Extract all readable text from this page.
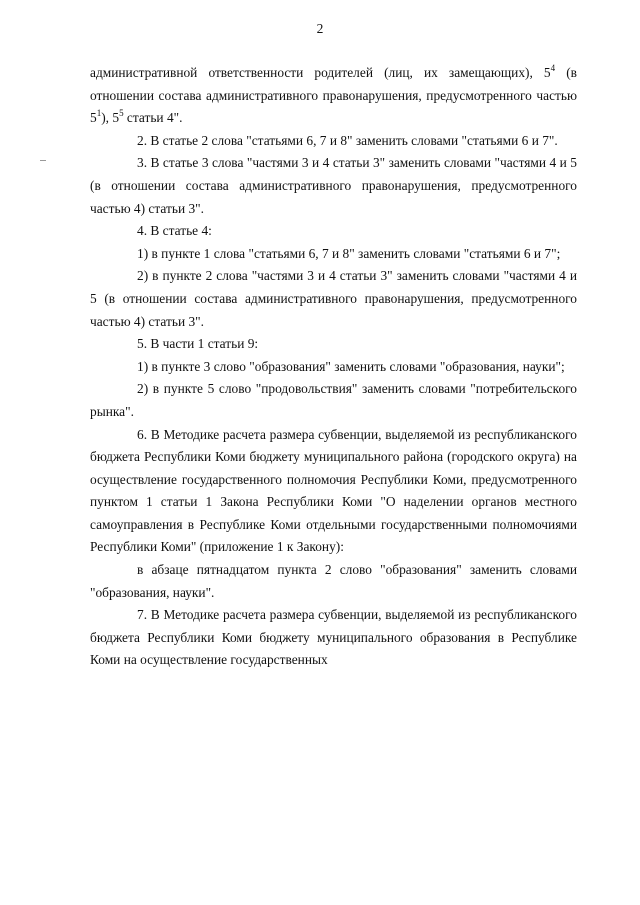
2

административной ответственности родителей (лиц, их замещающих), $5^4$ (в отношении состава административного правонарушения, предусмотренного частью $5^1$), $5^5$ статьи 4".

2. В статье 2 слова "статьями 6, 7 и 8" заменить словами "статьями 6 и 7".

3. В статье 3 слова "частями 3 и 4 статьи 3" заменить словами "частями 4 и 5 (в отношении состава административного правонарушения, предусмотренного частью 4) статьи 3".

4. В статье 4:

1) в пункте 1 слова "статьями 6, 7 и 8" заменить словами "статьями 6 и 7";

2) в пункте 2 слова "частями 3 и 4 статьи 3" заменить словами "частями 4 и 5 (в отношении состава административного правонарушения, предусмотренного частью 4) статьи 3".

5. В части 1 статьи 9:

1) в пункте 3 слово "образования" заменить словами "образования, науки";

2) в пункте 5 слово "продовольствия" заменить словами "потребительского рынка".

6. В Методике расчета размера субвенции, выделяемой из республиканского бюджета Республики Коми бюджету муниципального района (городского округа) на осуществление государственного полномочия Республики Коми, предусмотренного пунктом 1 статьи 1 Закона Республики Коми "О наделении органов местного самоуправления в Республике Коми отдельными государственными полномочиями Республики Коми" (приложение 1 к Закону):

в абзаце пятнадцатом пункта 2 слово "образования" заменить словами "образования, науки".

7. В Методике расчета размера субвенции, выделяемой из республиканского бюджета Республики Коми бюджету муниципального образования в Республике Коми на осуществление государственных
